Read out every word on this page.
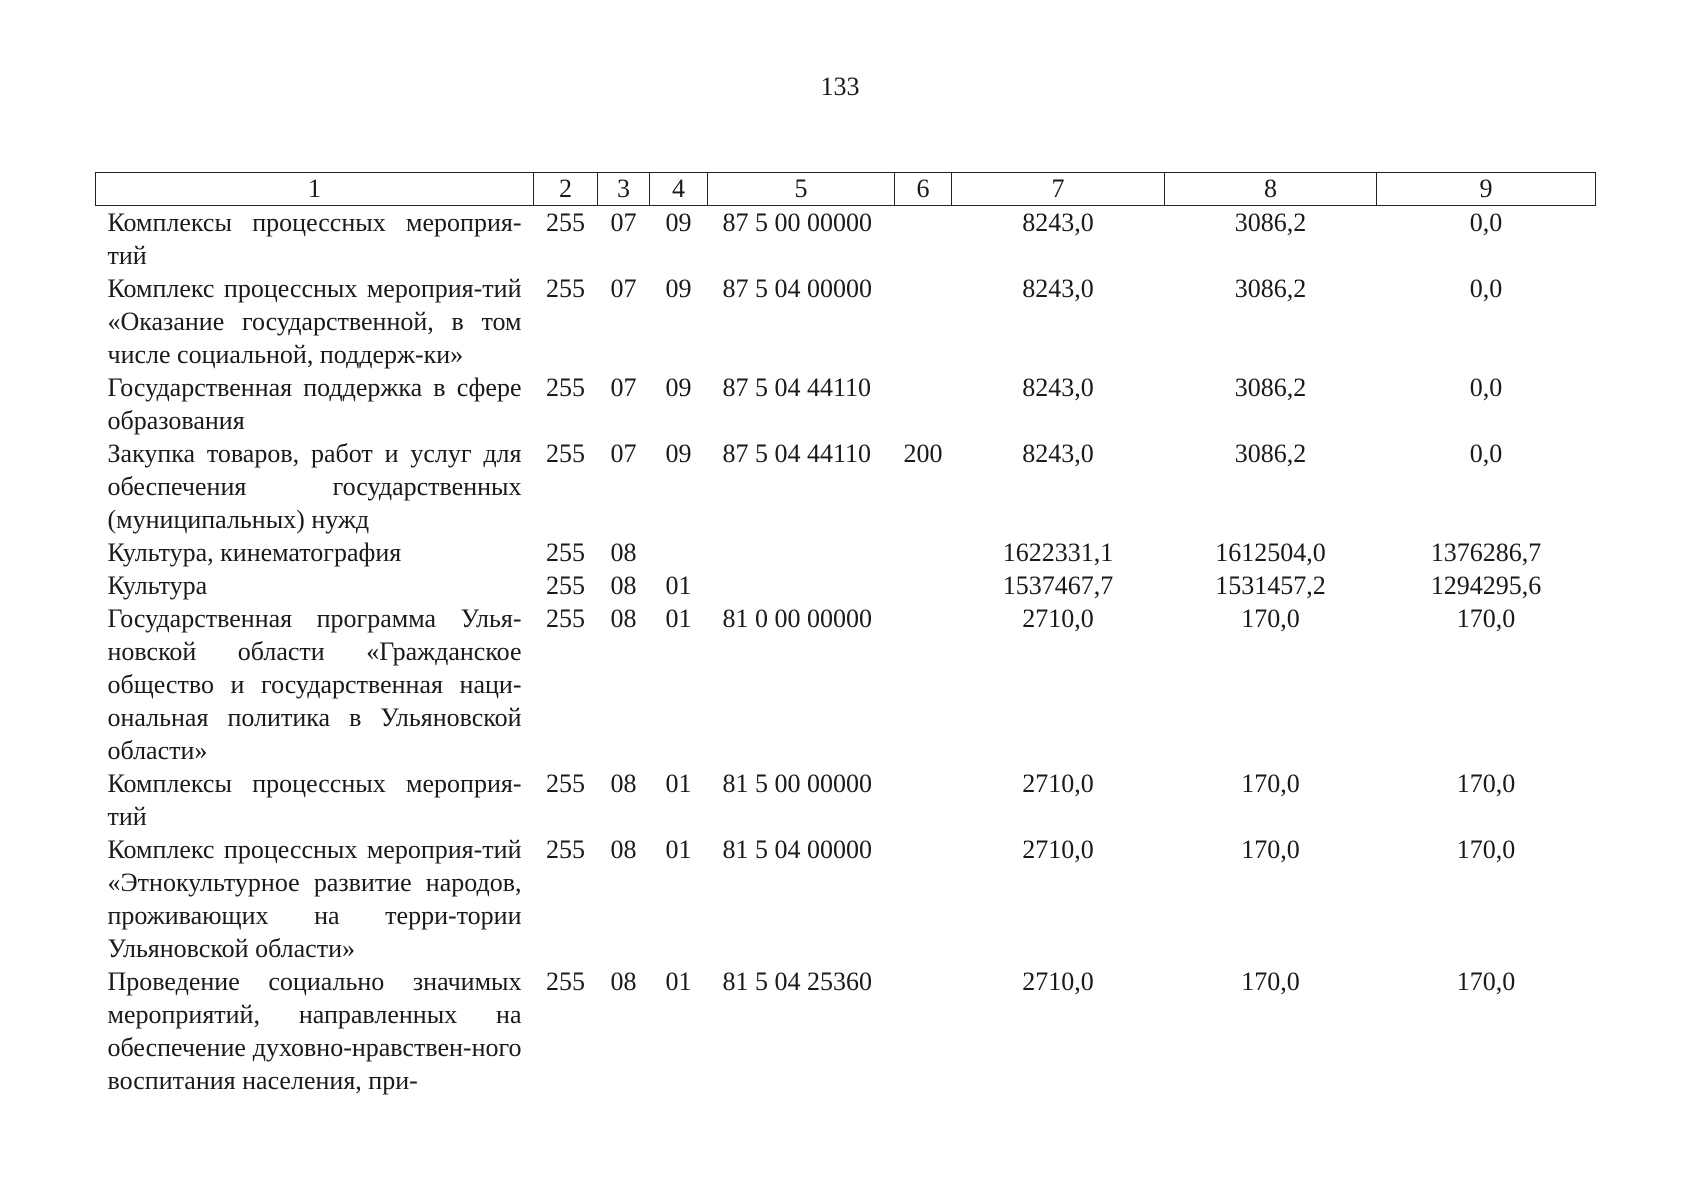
133
1	2	3	4	5	6	7	8	9
Комплексы процессных мероприя-тий	255	07	09	87 5 00 00000		8243,0	3086,2	0,0
Комплекс процессных мероприя-тий «Оказание государственной, в том числе социальной, поддерж-ки»	255	07	09	87 5 04 00000		8243,0	3086,2	0,0
Государственная поддержка в сфере образования	255	07	09	87 5 04 44110		8243,0	3086,2	0,0
Закупка товаров, работ и услуг для обеспечения государственных (муниципальных) нужд	255	07	09	87 5 04 44110	200	8243,0	3086,2	0,0
Культура, кинематография	255	08				1622331,1	1612504,0	1376286,7
Культура	255	08	01			1537467,7	1531457,2	1294295,6
Государственная программа Улья-новской области «Гражданское общество и государственная наци-ональная политика в Ульяновской области»	255	08	01	81 0 00 00000		2710,0	170,0	170,0
Комплексы процессных мероприя-тий	255	08	01	81 5 00 00000		2710,0	170,0	170,0
Комплекс процессных мероприя-тий «Этнокультурное развитие народов, проживающих на терри-тории Ульяновской области»	255	08	01	81 5 04 00000		2710,0	170,0	170,0
Проведение социально значимых мероприятий, направленных на обеспечение духовно-нравствен-ного воспитания населения, при-	255	08	01	81 5 04 25360		2710,0	170,0	170,0
